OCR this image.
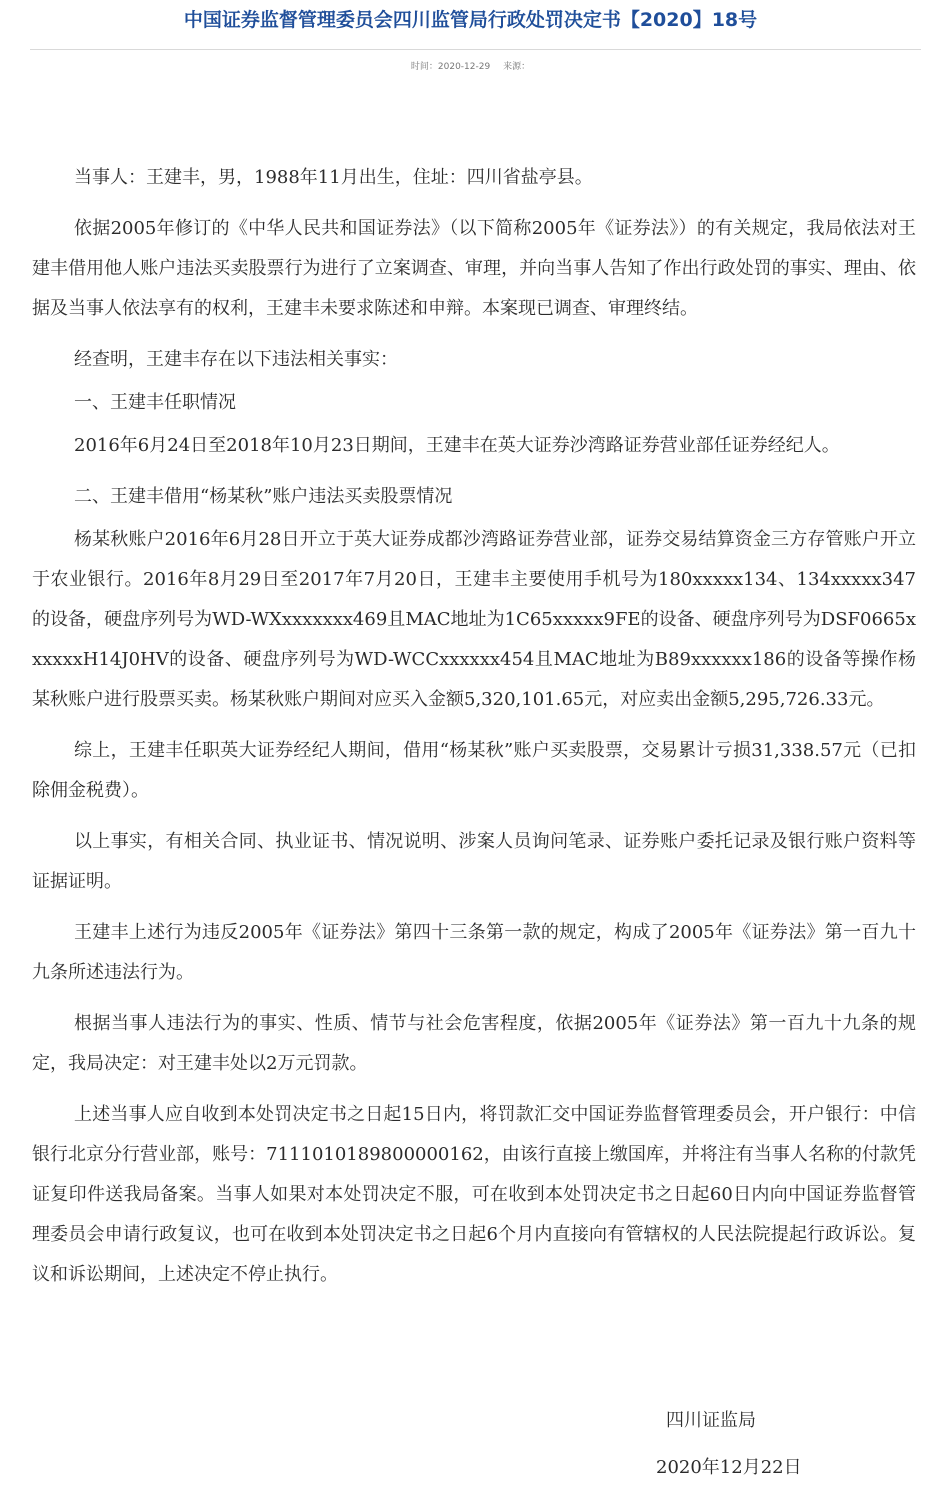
中国证券监督管理委员会四川监管局行政处罚决定书【2020】18号
时间：2020-12-29 来源：

当事人：王建丰，男，1988年11月出生，住址：四川省盐亭县。

依据2005年修订的《中华人民共和国证券法》（以下简称2005年《证券法》）的有关规定，我局依法对王建丰借用他人账户违法买卖股票行为进行了立案调查、审理，并向当事人告知了作出行政处罚的事实、理由、依据及当事人依法享有的权利，王建丰未要求陈述和申辩。本案现已调查、审理终结。

经查明，王建丰存在以下违法相关事实：

一、王建丰任职情况

2016年6月24日至2018年10月23日期间，王建丰在英大证券沙湾路证券营业部任证券经纪人。

二、王建丰借用“杨某秋”账户违法买卖股票情况

杨某秋账户2016年6月28日开立于英大证券成都沙湾路证券营业部，证券交易结算资金三方存管账户开立于农业银行。2016年8月29日至2017年7月20日，王建丰主要使用手机号为180xxxxx134、134xxxxx347的设备，硬盘序列号为WD-WXxxxxxxx469且MAC地址为1C65xxxxx9FE的设备、硬盘序列号为DSF0665xxxxxxH14J0HV的设备、硬盘序列号为WD-WCCxxxxxx454且MAC地址为B89xxxxxx186的设备等操作杨某秋账户进行股票买卖。杨某秋账户期间对应买入金额5,320,101.65元，对应卖出金额5,295,726.33元。

综上，王建丰任职英大证券经纪人期间，借用“杨某秋”账户买卖股票，交易累计亏损31,338.57元（已扣除佣金税费）。

以上事实，有相关合同、执业证书、情况说明、涉案人员询问笔录、证券账户委托记录及银行账户资料等证据证明。

王建丰上述行为违反2005年《证券法》第四十三条第一款的规定，构成了2005年《证券法》第一百九十九条所述违法行为。

根据当事人违法行为的事实、性质、情节与社会危害程度，依据2005年《证券法》第一百九十九条的规定，我局决定：对王建丰处以2万元罚款。

上述当事人应自收到本处罚决定书之日起15日内，将罚款汇交中国证券监督管理委员会，开户银行：中信银行北京分行营业部，账号：7111010189800000162，由该行直接上缴国库，并将注有当事人名称的付款凭证复印件送我局备案。当事人如果对本处罚决定不服，可在收到本处罚决定书之日起60日内向中国证券监督管理委员会申请行政复议，也可在收到本处罚决定书之日起6个月内直接向有管辖权的人民法院提起行政诉讼。复议和诉讼期间，上述决定不停止执行。

四川证监局
2020年12月22日
